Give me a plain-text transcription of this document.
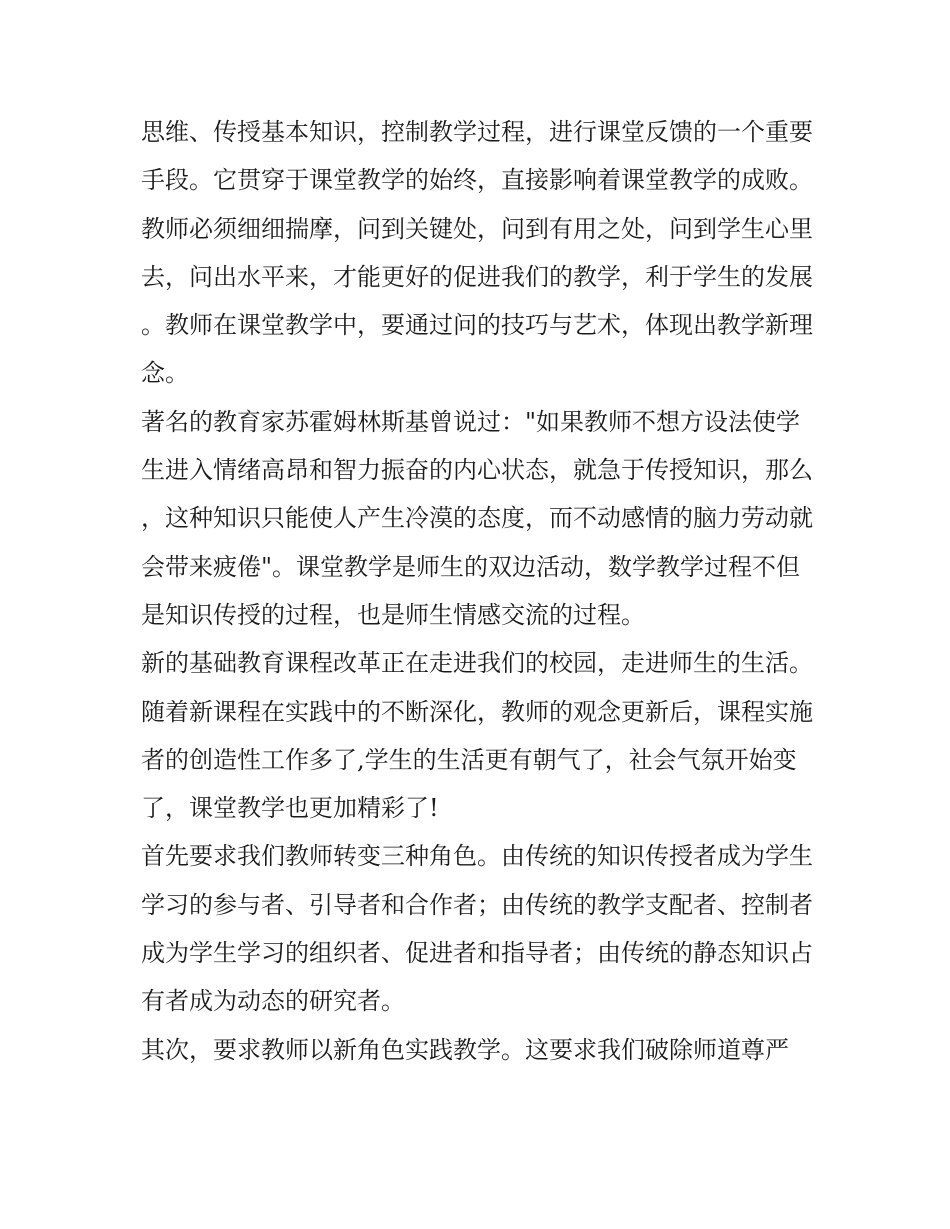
思维、传授基本知识，控制教学过程，进行课堂反馈的一个重要手段。它贯穿于课堂教学的始终，直接影响着课堂教学的成败。教师必须细细揣摩，问到关键处，问到有用之处，问到学生心里去，问出水平来，才能更好的促进我们的教学，利于学生的发展。教师在课堂教学中，要通过问的技巧与艺术，体现出教学新理念。

著名的教育家苏霍姆林斯基曾说过："如果教师不想方设法使学生进入情绪高昂和智力振奋的内心状态，就急于传授知识，那么，这种知识只能使人产生冷漠的态度，而不动感情的脑力劳动就会带来疲倦"。课堂教学是师生的双边活动，数学教学过程不但是知识传授的过程，也是师生情感交流的过程。

新的基础教育课程改革正在走进我们的校园，走进师生的生活。随着新课程在实践中的不断深化，教师的观念更新后，课程实施者的创造性工作多了,学生的生活更有朝气了，社会气氛开始变了，课堂教学也更加精彩了!

首先要求我们教师转变三种角色。由传统的知识传授者成为学生学习的参与者、引导者和合作者；由传统的教学支配者、控制者成为学生学习的组织者、促进者和指导者；由传统的静态知识占有者成为动态的研究者。

其次，要求教师以新角色实践教学。这要求我们破除师道尊严
